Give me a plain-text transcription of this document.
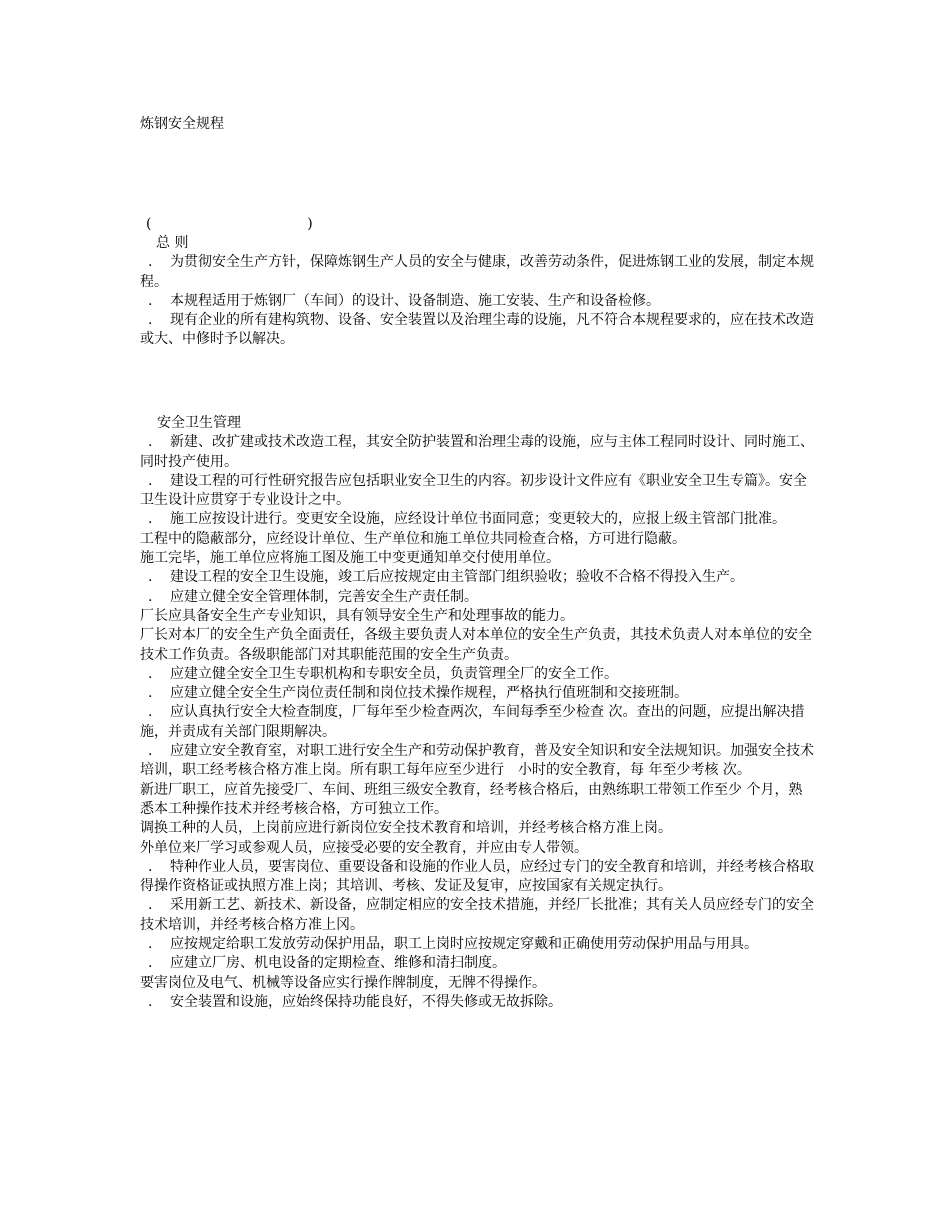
炼钢安全规程
(	)

总 则

. 为贯彻安全生产方针，保障炼钢生产人员的安全与健康，改善劳动条件，促进炼钢工业的发展，制定本规程。

. 本规程适用于炼钢厂（车间）的设计、设备制造、施工安装、生产和设备检修。

. 现有企业的所有建构筑物、设备、安全装置以及治理尘毒的设施，凡不符合本规程要求的，应在技术改造或大、中修时予以解决。

安全卫生管理

. 新建、改扩建或技术改造工程，其安全防护装置和治理尘毒的设施，应与主体工程同时设计、同时施工、同时投产使用。

. 建设工程的可行性研究报告应包括职业安全卫生的内容。初步设计文件应有《职业安全卫生专篇》。安全卫生设计应贯穿于专业设计之中。

. 施工应按设计进行。变更安全设施，应经设计单位书面同意；变更较大的，应报上级主管部门批准。

工程中的隐蔽部分，应经设计单位、生产单位和施工单位共同检查合格，方可进行隐蔽。

施工完毕，施工单位应将施工图及施工中变更通知单交付使用单位。

. 建设工程的安全卫生设施，竣工后应按规定由主管部门组织验收；验收不合格不得投入生产。

. 应建立健全安全管理体制，完善安全生产责任制。

厂长应具备安全生产专业知识，具有领导安全生产和处理事故的能力。

厂长对本厂的安全生产负全面责任，各级主要负责人对本单位的安全生产负责，其技术负责人对本单位的安全技术工作负责。各级职能部门对其职能范围的安全生产负责。

. 应建立健全安全卫生专职机构和专职安全员，负责管理全厂的安全工作。

. 应建立健全安全生产岗位责任制和岗位技术操作规程，严格执行值班制和交接班制。

. 应认真执行安全大检查制度，厂每年至少检查两次，车间每季至少检查 次。查出的问题，应提出解决措施，并责成有关部门限期解决。

. 应建立安全教育室，对职工进行安全生产和劳动保护教育，普及安全知识和安全法规知识。加强安全技术培训，职工经考核合格方准上岗。所有职工每年应至少进行　小时的安全教育，每 年至少考核 次。

新进厂职工，应首先接受厂、车间、班组三级安全教育，经考核合格后，由熟练职工带领工作至少 个月，熟悉本工种操作技术并经考核合格，方可独立工作。

调换工种的人员，上岗前应进行新岗位安全技术教育和培训，并经考核合格方准上岗。

外单位来厂学习或参观人员，应接受必要的安全教育，并应由专人带领。

. 特种作业人员，要害岗位、重要设备和设施的作业人员，应经过专门的安全教育和培训，并经考核合格取得操作资格证或执照方准上岗；其培训、考核、发证及复审，应按国家有关规定执行。

. 采用新工艺、新技术、新设备，应制定相应的安全技术措施，并经厂长批准；其有关人员应经专门的安全技术培训，并经考核合格方准上冈。

. 应按规定给职工发放劳动保护用品，职工上岗时应按规定穿戴和正确使用劳动保护用品与用具。

. 应建立厂房、机电设备的定期检查、维修和清扫制度。

要害岗位及电气、机械等设备应实行操作牌制度，无牌不得操作。

. 安全装置和设施，应始终保持功能良好，不得失修或无故拆除。
